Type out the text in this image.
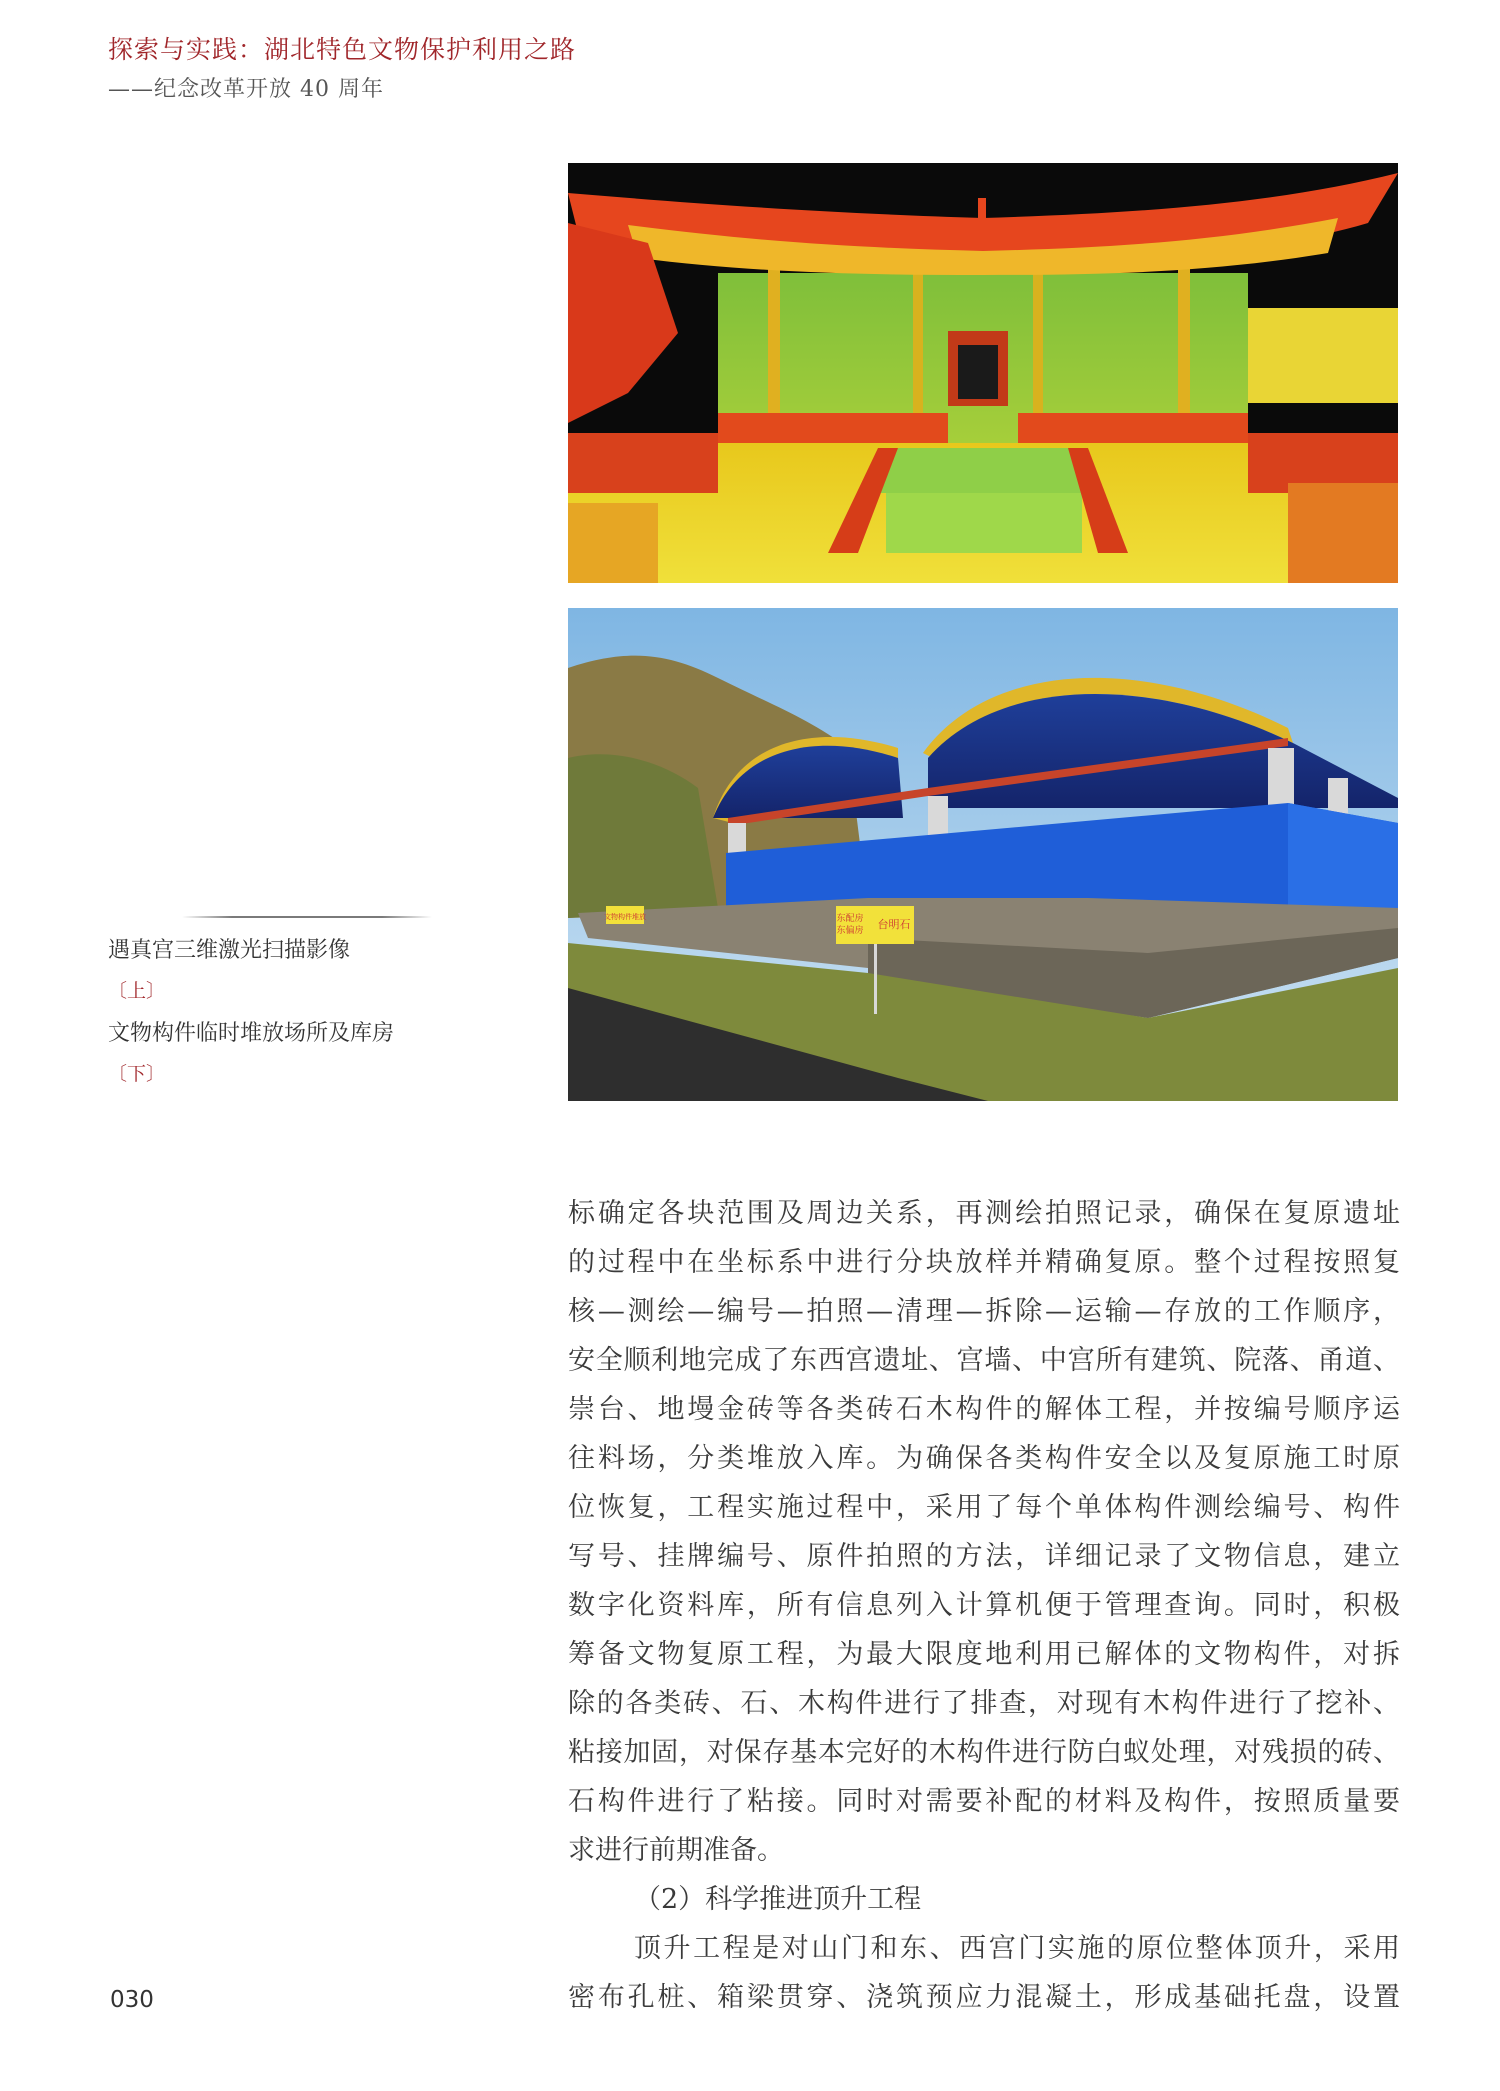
探索与实践：湖北特色文物保护利用之路
——纪念改革开放 40 周年
文物构件堆放	东配房
东偏房 台明石
遇真宫三维激光扫描影像
〔上〕
文物构件临时堆放场所及库房
〔下〕
标确定各块范围及周边关系，再测绘拍照记录，确保在复原遗址
的过程中在坐标系中进行分块放样并精确复原。整个过程按照复
核—测绘—编号—拍照—清理—拆除—运输—存放的工作顺序，
安全顺利地完成了东西宫遗址、宫墙、中宫所有建筑、院落、甬道、
崇台、地墁金砖等各类砖石木构件的解体工程，并按编号顺序运
往料场，分类堆放入库。为确保各类构件安全以及复原施工时原
位恢复，工程实施过程中，采用了每个单体构件测绘编号、构件
写号、挂牌编号、原件拍照的方法，详细记录了文物信息，建立
数字化资料库，所有信息列入计算机便于管理查询。同时，积极
筹备文物复原工程，为最大限度地利用已解体的文物构件，对拆
除的各类砖、石、木构件进行了排查，对现有木构件进行了挖补、
粘接加固，对保存基本完好的木构件进行防白蚁处理，对残损的砖、
石构件进行了粘接。同时对需要补配的材料及构件，按照质量要
求进行前期准备。
（2）科学推进顶升工程
顶升工程是对山门和东、西宫门实施的原位整体顶升，采用
密布孔桩、箱梁贯穿、浇筑预应力混凝土，形成基础托盘，设置
030
